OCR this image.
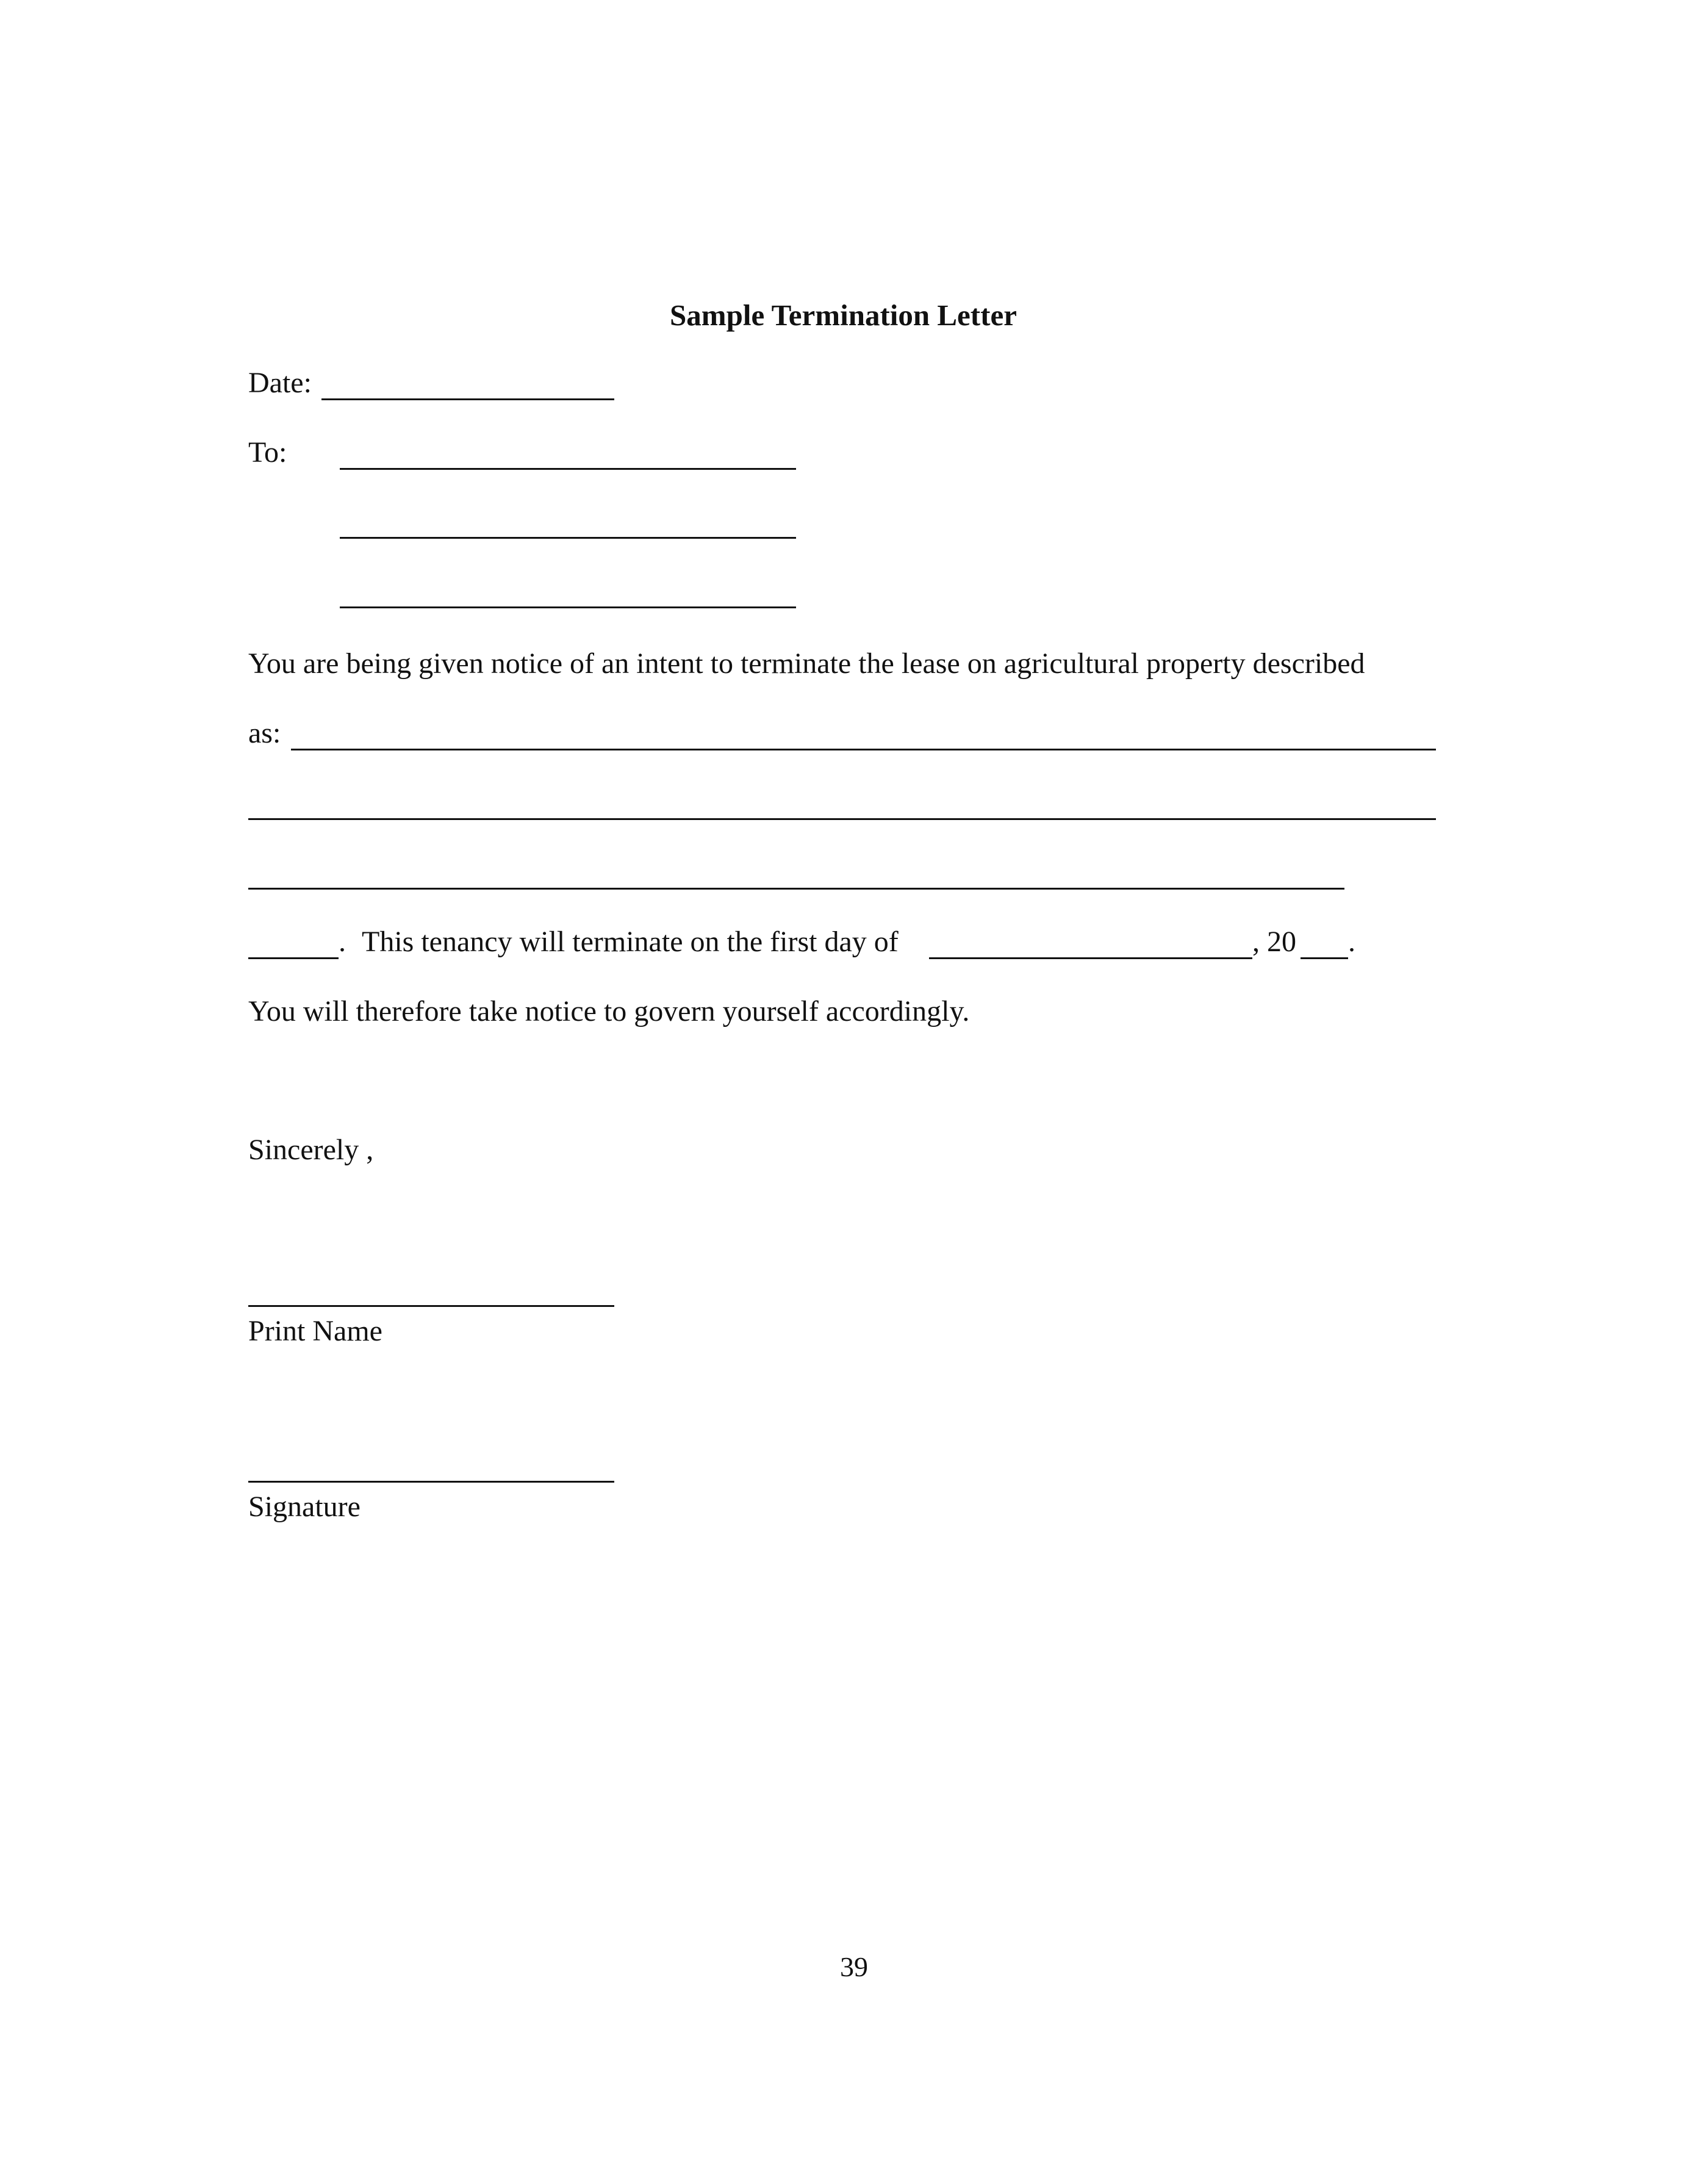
Sample Termination Letter
Date:
To:
You are being given notice of an intent to terminate the lease on agricultural property described
as:
. This tenancy will terminate on the first day of	, 20 .
You will therefore take notice to govern yourself accordingly.
Sincerely ,
Print Name
Signature
39
